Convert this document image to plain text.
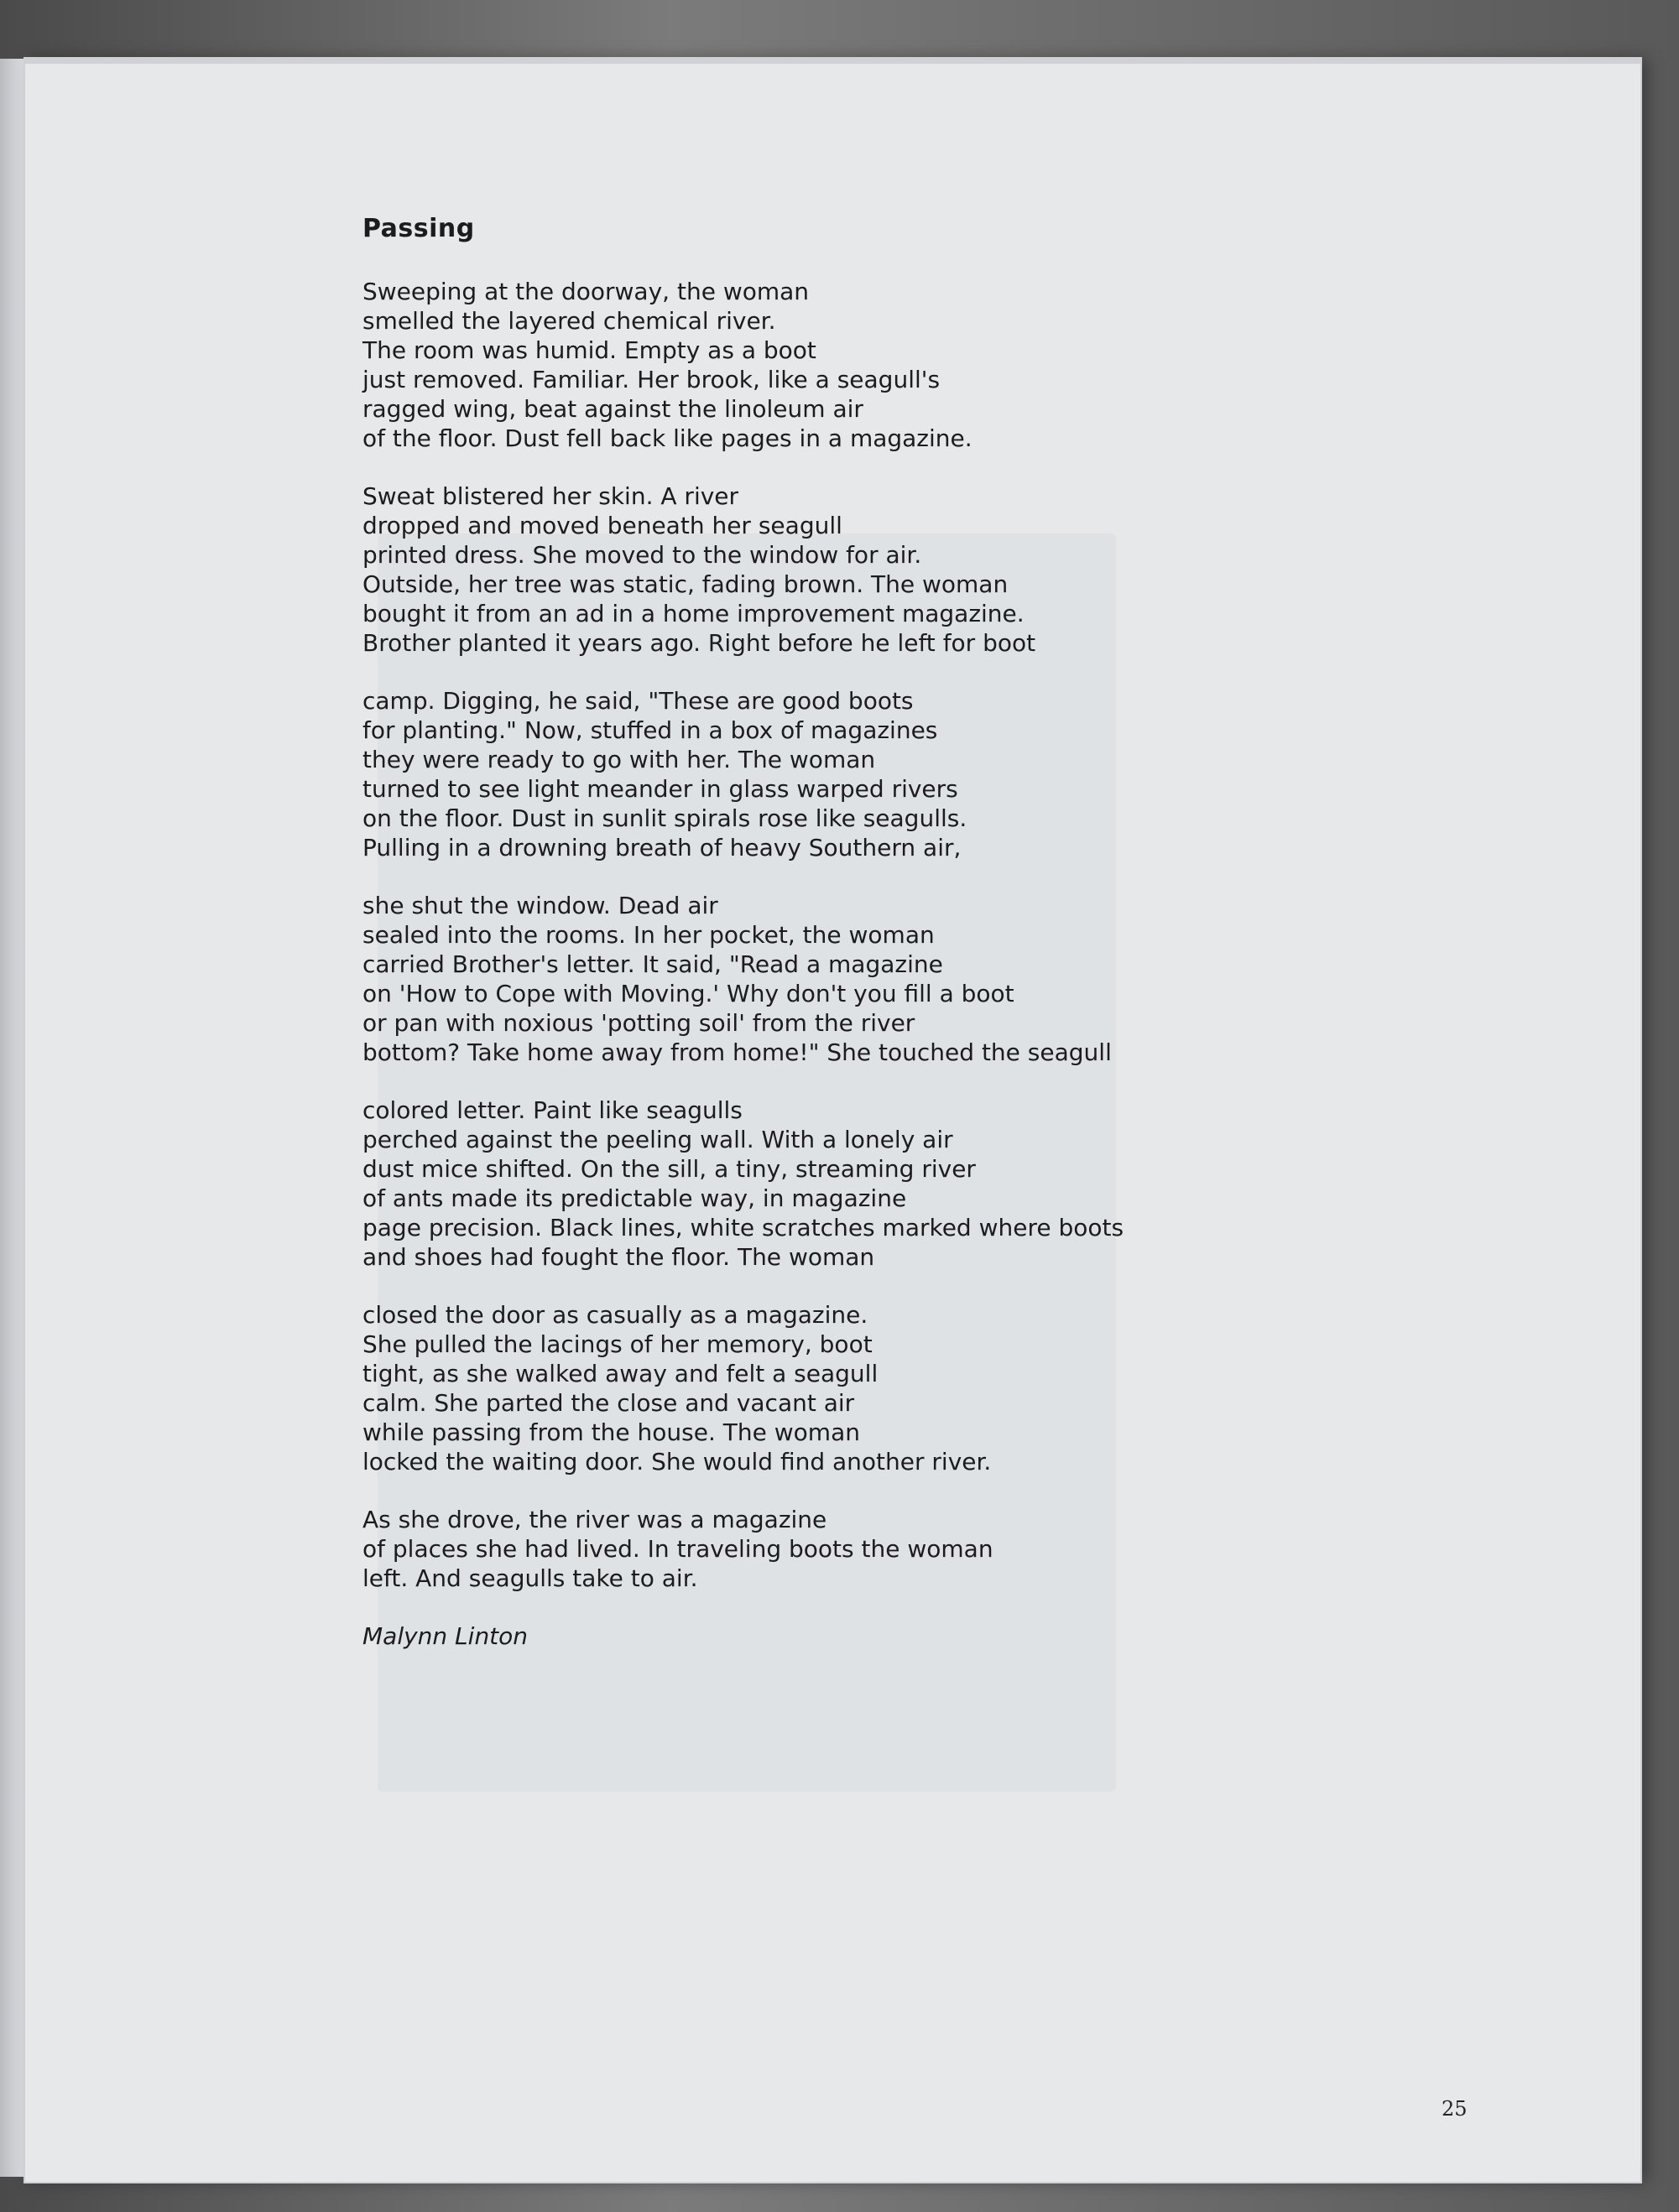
Passing
Sweeping at the doorway, the woman
smelled the layered chemical river.
The room was humid. Empty as a boot
just removed. Familiar. Her brook, like a seagull's
ragged wing, beat against the linoleum air
of the floor. Dust fell back like pages in a magazine.
Sweat blistered her skin. A river
dropped and moved beneath her seagull
printed dress. She moved to the window for air.
Outside, her tree was static, fading brown. The woman
bought it from an ad in a home improvement magazine.
Brother planted it years ago. Right before he left for boot
camp. Digging, he said, "These are good boots
for planting." Now, stuffed in a box of magazines
they were ready to go with her. The woman
turned to see light meander in glass warped rivers
on the floor. Dust in sunlit spirals rose like seagulls.
Pulling in a drowning breath of heavy Southern air,
she shut the window. Dead air
sealed into the rooms. In her pocket, the woman
carried Brother's letter. It said, "Read a magazine
on 'How to Cope with Moving.' Why don't you fill a boot
or pan with noxious 'potting soil' from the river
bottom? Take home away from home!" She touched the seagull
colored letter. Paint like seagulls
perched against the peeling wall. With a lonely air
dust mice shifted. On the sill, a tiny, streaming river
of ants made its predictable way, in magazine
page precision. Black lines, white scratches marked where boots
and shoes had fought the floor. The woman
closed the door as casually as a magazine.
She pulled the lacings of her memory, boot
tight, as she walked away and felt a seagull
calm. She parted the close and vacant air
while passing from the house. The woman
locked the waiting door. She would find another river.
As she drove, the river was a magazine
of places she had lived. In traveling boots the woman
left. And seagulls take to air.
Malynn Linton
25
